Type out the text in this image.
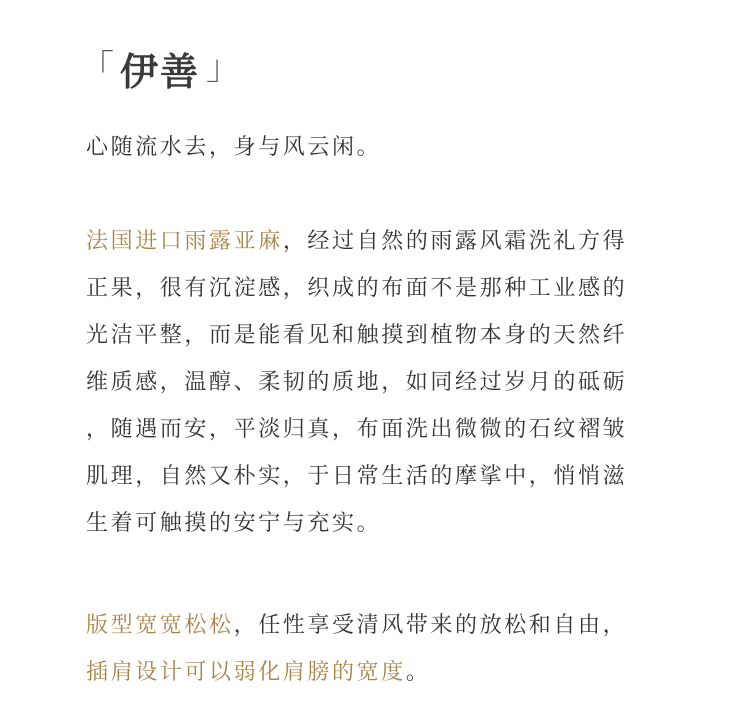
「 伊善 」

心随流水去，身与风云闲。

法国进口雨露亚麻，经过自然的雨露风霜洗礼方得
正果，很有沉淀感，织成的布面不是那种工业感的
光洁平整，而是能看见和触摸到植物本身的天然纤
维质感，温醇、柔韧的质地，如同经过岁月的砥砺
，随遇而安，平淡归真，布面洗出微微的石纹褶皱
肌理，自然又朴实，于日常生活的摩挲中，悄悄滋
生着可触摸的安宁与充实。

版型宽宽松松，任性享受清风带来的放松和自由，
插肩设计可以弱化肩膀的宽度。
